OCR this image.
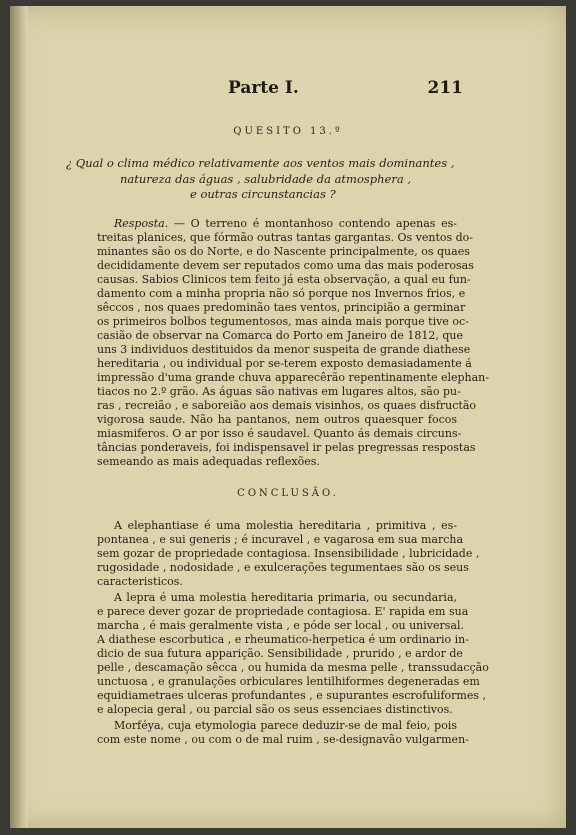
Parte I.	211
QUESITO 13.º
¿ Qual o clima médico relativamente aos ventos mais dominantes ,
natureza das águas , salubridade da atmosphera ,
e outras circunstancias ?
Resposta. — O terreno é montanhoso contendo apenas es-
treitas planices, que fórmão outras tantas gargantas. Os ventos do-
minantes são os do Norte, e do Nascente principalmente, os quaes
decididamente devem ser reputados como uma das mais poderosas
causas. Sabios Clinicos tem feito já esta observação, a qual eu fun-
damento com a minha propria não só porque nos Invernos frios, e
sêccos , nos quaes predominão taes ventos, principião a germinar
os primeiros bolbos tegumentosos, mas ainda mais porque tive oc-
casião de observar na Comarca do Porto em Janeiro de 1812, que
uns 3 individuos destituidos da menor suspeita de grande diathese
hereditaria , ou individual por se-terem exposto demasiadamente á
impressão d'uma grande chuva apparecêrão repentinamente elephan-
tiacos no 2.º grão. As águas são nativas em lugares altos, são pu-
ras , recreião , e saboreião aos demais visinhos, os quaes disfructão
vigorosa saude. Não ha pantanos, nem outros quaesquer focos
miasmiferos. O ar por isso é saudavel. Quanto ás demais circuns-
tâncias ponderaveis, foi indispensavel ir pelas pregressas respostas
semeando as mais adequadas reflexões.
CONCLUSÃO.
A elephantiase é uma molestia hereditaria , primitiva , es-
pontanea , e sui generis ; é incuravel , e vagarosa em sua marcha
sem gozar de propriedade contagiosa. Insensibilidade , lubricidade ,
rugosidade , nodosidade , e exulcerações tegumentaes são os seus
caracteristicos.
A lepra é uma molestia hereditaria primaria, ou secundaria,
e parece dever gozar de propriedade contagiosa. E' rapida em sua
marcha , é mais geralmente vista , e póde ser local , ou universal.
A diathese escorbutica , e rheumatico-herpetica é um ordinario in-
dicio de sua futura apparição. Sensibilidade , prurido , e ardor de
pelle , descamação sêcca , ou humida da mesma pelle , transsudacção
unctuosa , e granulações orbiculares lentilhiformes degeneradas em
equidiametraes ulceras profundantes , e supurantes escrofuliformes ,
e alopecia geral , ou parcial são os seus essenciaes distinctivos.
Morféya, cuja etymologia parece deduzir-se de mal feio, pois
com este nome , ou com o de mal ruim , se-designavão vulgarmen-
